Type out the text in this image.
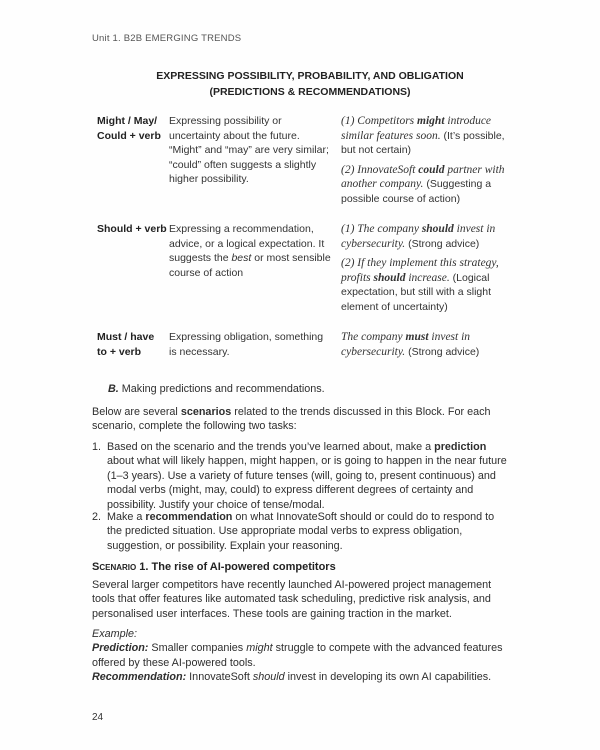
Unit 1. B2B EMERGING TRENDS
EXPRESSING POSSIBILITY, PROBABILITY, AND OBLIGATION
(PREDICTIONS & RECOMMENDATIONS)
Might / May/
Could + verb
Expressing possibility or
uncertainty about the future.
“Might” and “may” are very similar;
“could” often suggests a slightly
higher possibility.

(1) Competitors might introduce similar features soon. (It’s possible, but not certain)

(2) InnovateSoft could partner with another company. (Suggesting a possible course of action)

Should + verb Expressing a recommendation, advice, or a logical expectation. It suggests the best or most sensible course of action

(1) The company should invest in cybersecurity. (Strong advice)

(2) If they implement this strategy, profits should increase. (Logical expectation, but still with a slight element of uncertainty)

Must / have
to + verb
Expressing obligation, something is necessary.

The company must invest in cybersecurity. (Strong advice)

B. Making predictions and recommendations.
Below are several scenarios related to the trends discussed in this Block. For each scenario, complete the following two tasks:
1. Based on the scenario and the trends you’ve learned about, make a prediction about what will likely happen, might happen, or is going to happen in the near future (1–3 years). Use a variety of future tenses (will, going to, present continuous) and modal verbs (might, may, could) to express different degrees of certainty and possibility. Justify your choice of tense/modal.
2. Make a recommendation on what InnovateSoft should or could do to respond to the predicted situation. Use appropriate modal verbs to express obligation, suggestion, or possibility. Explain your reasoning.
Scenario 1. The rise of AI-powered competitors
Several larger competitors have recently launched AI-powered project management tools that offer features like automated task scheduling, predictive risk analysis, and personalised user interfaces. These tools are gaining traction in the market.
Example:
Prediction: Smaller companies might struggle to compete with the advanced features offered by these AI-powered tools.
Recommendation: InnovateSoft should invest in developing its own AI capabilities.
24
